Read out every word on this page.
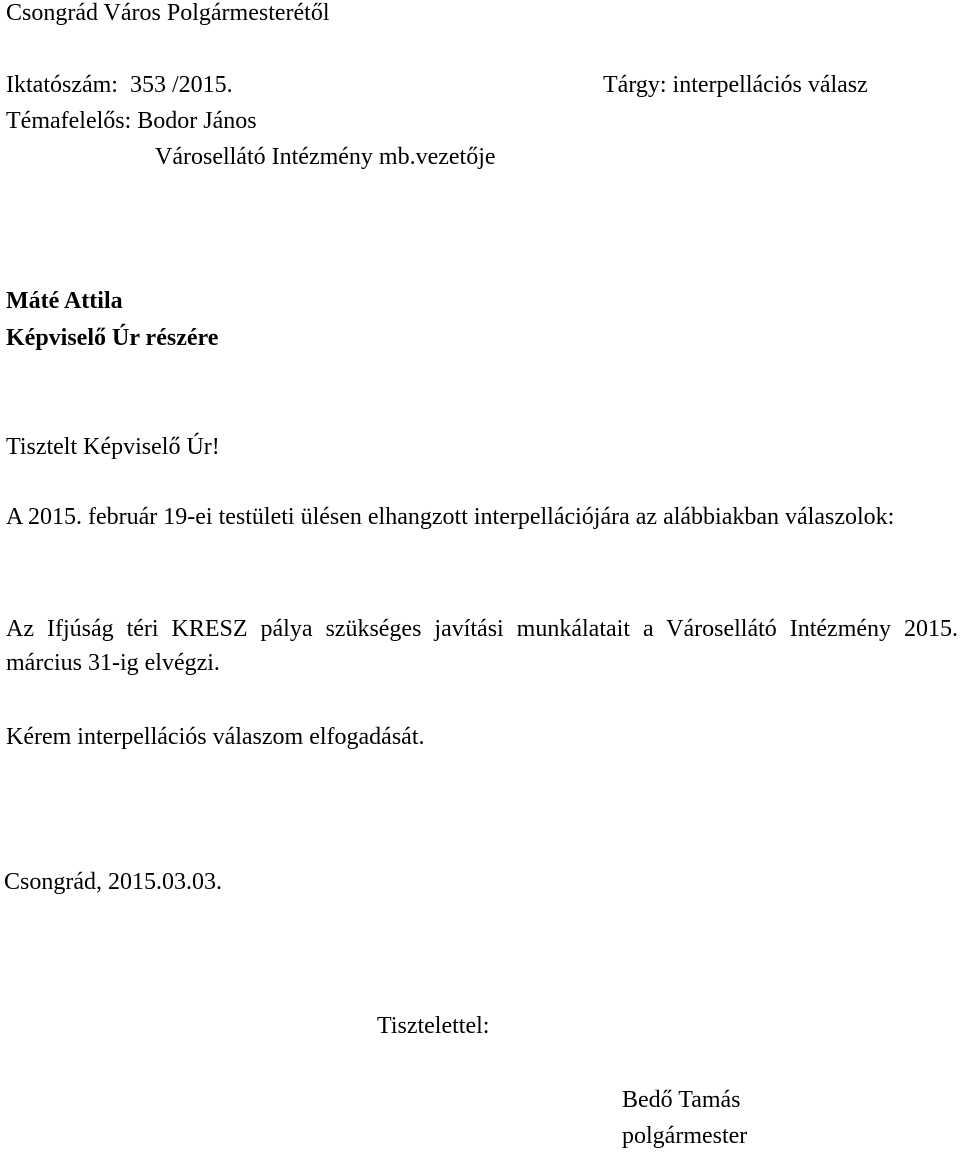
Csongrád Város Polgármesterétől
Iktatószám: 353 /2015.	Tárgy: interpellációs válasz
Témafelelős: Bodor János
Városellátó Intézmény mb.vezetője
Máté Attila
Képviselő Úr részére
Tisztelt Képviselő Úr!
A 2015. február 19-ei testületi ülésen elhangzott interpellációjára az alábbiakban válaszolok:
Az Ifjúság téri KRESZ pálya szükséges javítási munkálatait a Városellátó Intézmény 2015. március 31-ig elvégzi.
Kérem interpellációs válaszom elfogadását.
Csongrád, 2015.03.03.
Tisztelettel:
Bedő Tamás
polgármester
